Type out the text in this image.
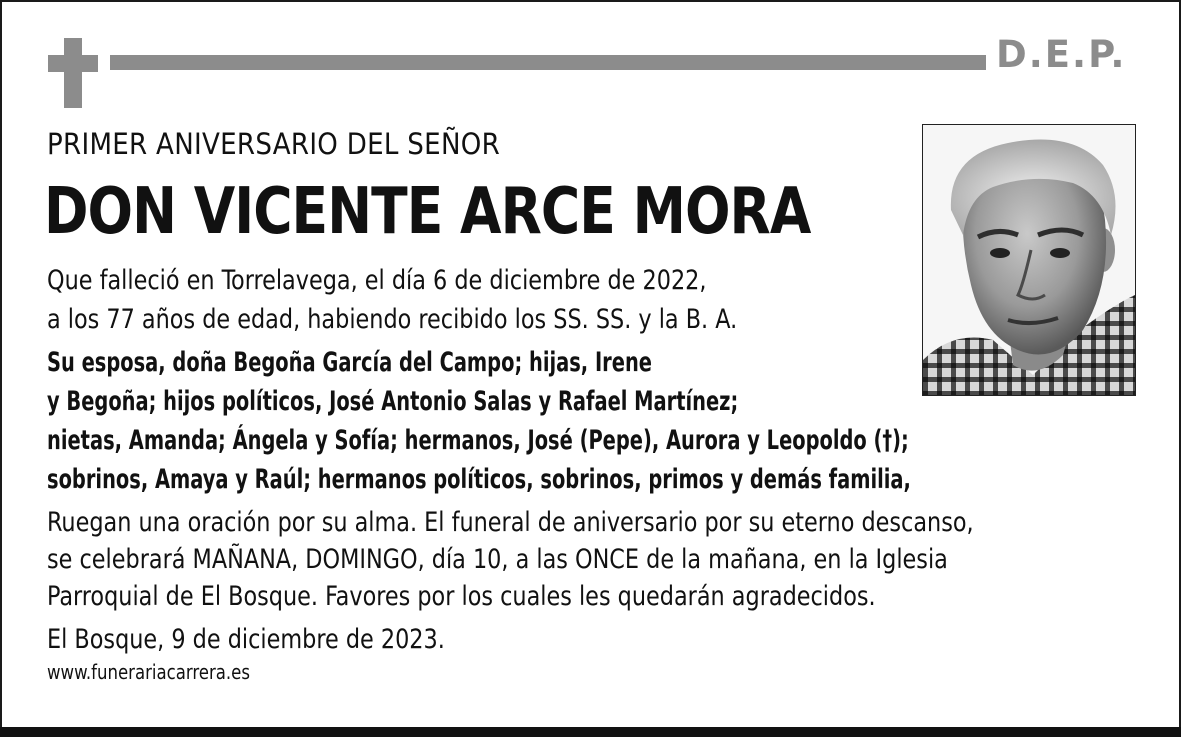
D.E.P.
PRIMER ANIVERSARIO DEL SEÑOR
DON VICENTE ARCE MORA
Que falleció en Torrelavega, el día 6 de diciembre de 2022,
a los 77 años de edad, habiendo recibido los SS. SS. y la B. A.
Su esposa, doña Begoña García del Campo; hijas, Irene
y Begoña; hijos políticos, José Antonio Salas y Rafael Martínez;
nietas, Amanda; Ángela y Sofía; hermanos, José (Pepe), Aurora y Leopoldo (†);
sobrinos, Amaya y Raúl; hermanos políticos, sobrinos, primos y demás familia,
Ruegan una oración por su alma. El funeral de aniversario por su eterno descanso,
se celebrará MAÑANA, DOMINGO, día 10, a las ONCE de la mañana, en la Iglesia
Parroquial de El Bosque. Favores por los cuales les quedarán agradecidos.
El Bosque, 9 de diciembre de 2023.
www.funerariacarrera.es
